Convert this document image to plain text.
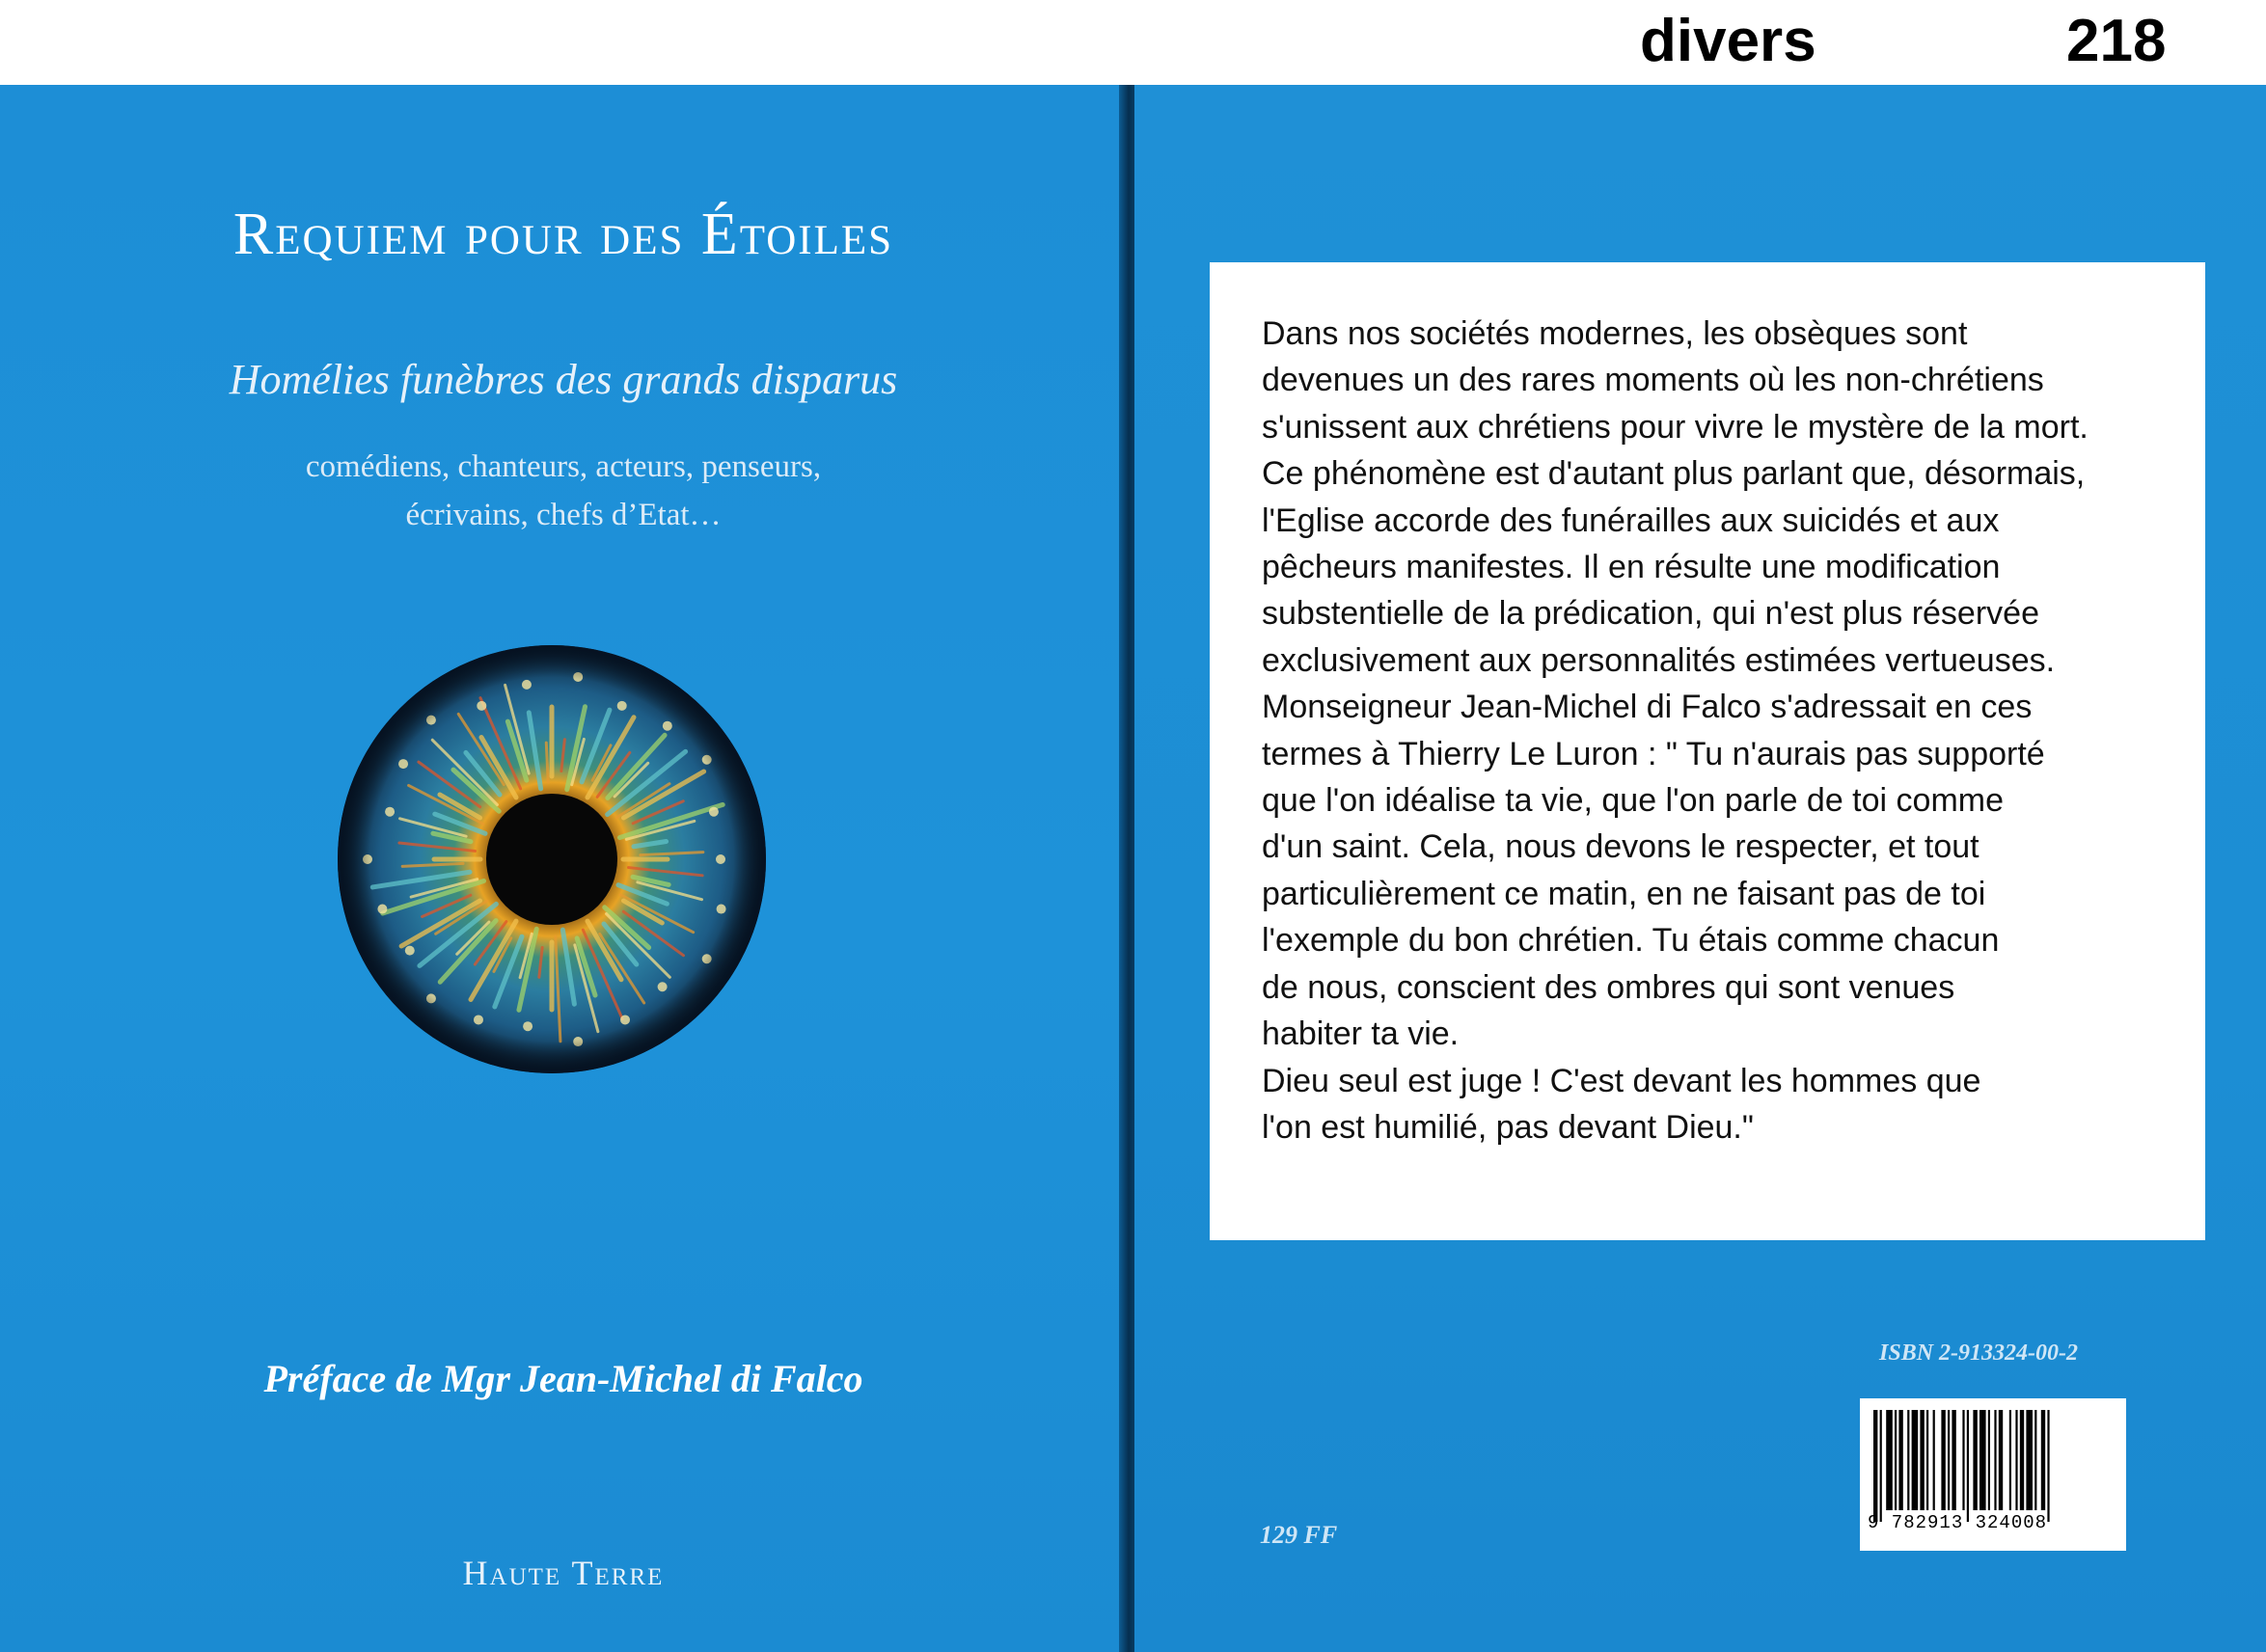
divers	218
Requiem pour des Étoiles
Homélies funèbres des grands disparus
comédiens, chanteurs, acteurs, penseurs,
écrivains, chefs d’Etat…
Préface de Mgr Jean-Michel di Falco
Haute Terre
ISBN 2-913324-00-2
129 FF
Dans nos sociétés modernes, les obsèques sont
devenues un des rares moments où les non-chrétiens
s'unissent aux chrétiens pour vivre le mystère de la mort.
Ce phénomène est d'autant plus parlant que, désormais,
l'Eglise accorde des funérailles aux suicidés et aux
pêcheurs manifestes. Il en résulte une modification
substentielle de la prédication, qui n'est plus réservée
exclusivement aux personnalités estimées vertueuses.
Monseigneur Jean-Michel di Falco s'adressait en ces
termes à Thierry Le Luron : " Tu n'aurais pas supporté
que l'on idéalise ta vie, que l'on parle de toi comme
d'un saint. Cela, nous devons le respecter, et tout
particulièrement ce matin, en ne faisant pas de toi
l'exemple du bon chrétien. Tu étais comme chacun
de nous, conscient des ombres qui sont venues
habiter ta vie.
Dieu seul est juge ! C'est devant les hommes que
l'on est humilié, pas devant Dieu."
9 782913 324008
